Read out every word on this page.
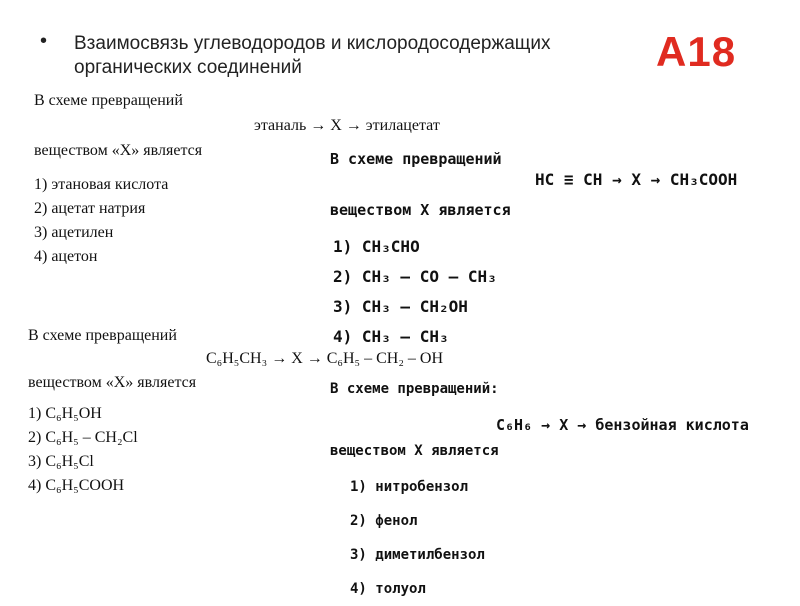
• Взаимосвязь углеводородов и кислородосодержащих органических соединений	А18
В схеме превращений
этаналь → X → этилацетат
веществом «X» является
1) этановая кислота
2) ацетат натрия
3) ацетилен
4) ацетон
В схеме превращений
HC ≡ CH → X → CH₃COOH
веществом X является
1) CH₃CHO
2) CH₃ – CO – CH₃
3) CH₃ – CH₂OH
4) CH₃ – CH₃
В схеме превращений
C₆H₅CH₃ → X → C₆H₅ – CH₂ – OH
веществом «X» является
1) C₆H₅OH
2) C₆H₅ – CH₂Cl
3) C₆H₅Cl
4) C₆H₅COOH
В схеме превращений:
C₆H₆ → X → бензойная кислота
веществом X является
1) нитробензол
2) фенол
3) диметилбензол
4) толуол
